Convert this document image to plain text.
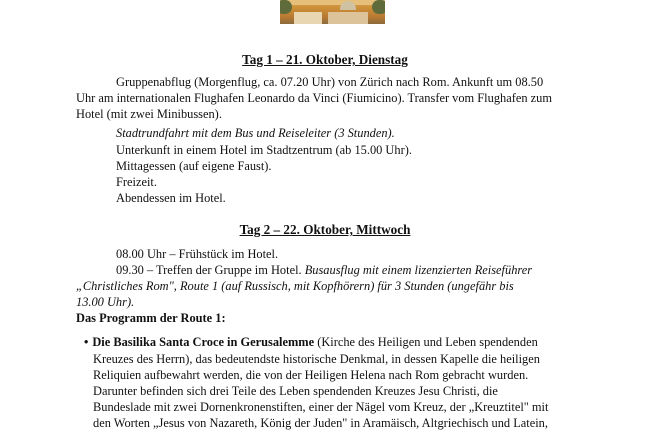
Tag 1 – 21. Oktober, Dienstag
Gruppenabflug (Morgenflug, ca. 07.20 Uhr) von Zürich nach Rom. Ankunft um 08.50
Uhr am internationalen Flughafen Leonardo da Vinci (Fiumicino). Transfer vom Flughafen zum
Hotel (mit zwei Minibussen).
Stadtrundfahrt mit dem Bus und Reiseleiter (3 Stunden).
Unterkunft in einem Hotel im Stadtzentrum (ab 15.00 Uhr).
Mittagessen (auf eigene Faust).
Freizeit.
Abendessen im Hotel.
Tag 2 – 22. Oktober, Mittwoch
08.00 Uhr – Frühstück im Hotel.
09.30 – Treffen der Gruppe im Hotel. Busausflug mit einem lizenzierten Reiseführer
„Christliches Rom", Route 1 (auf Russisch, mit Kopfhörern) für 3 Stunden (ungefähr bis
13.00 Uhr).
Das Programm der Route 1:
• Die Basilika Santa Croce in Gerusalemme (Kirche des Heiligen und Leben spendenden
Kreuzes des Herrn), das bedeutendste historische Denkmal, in dessen Kapelle die heiligen
Reliquien aufbewahrt werden, die von der Heiligen Helena nach Rom gebracht wurden.
Darunter befinden sich drei Teile des Leben spendenden Kreuzes Jesu Christi, die
Bundeslade mit zwei Dornenkronenstiften, einer der Nägel vom Kreuz, der „Kreuztitel" mit
den Worten „Jesus von Nazareth, König der Juden" in Aramäisch, Altgriechisch und Latein,
